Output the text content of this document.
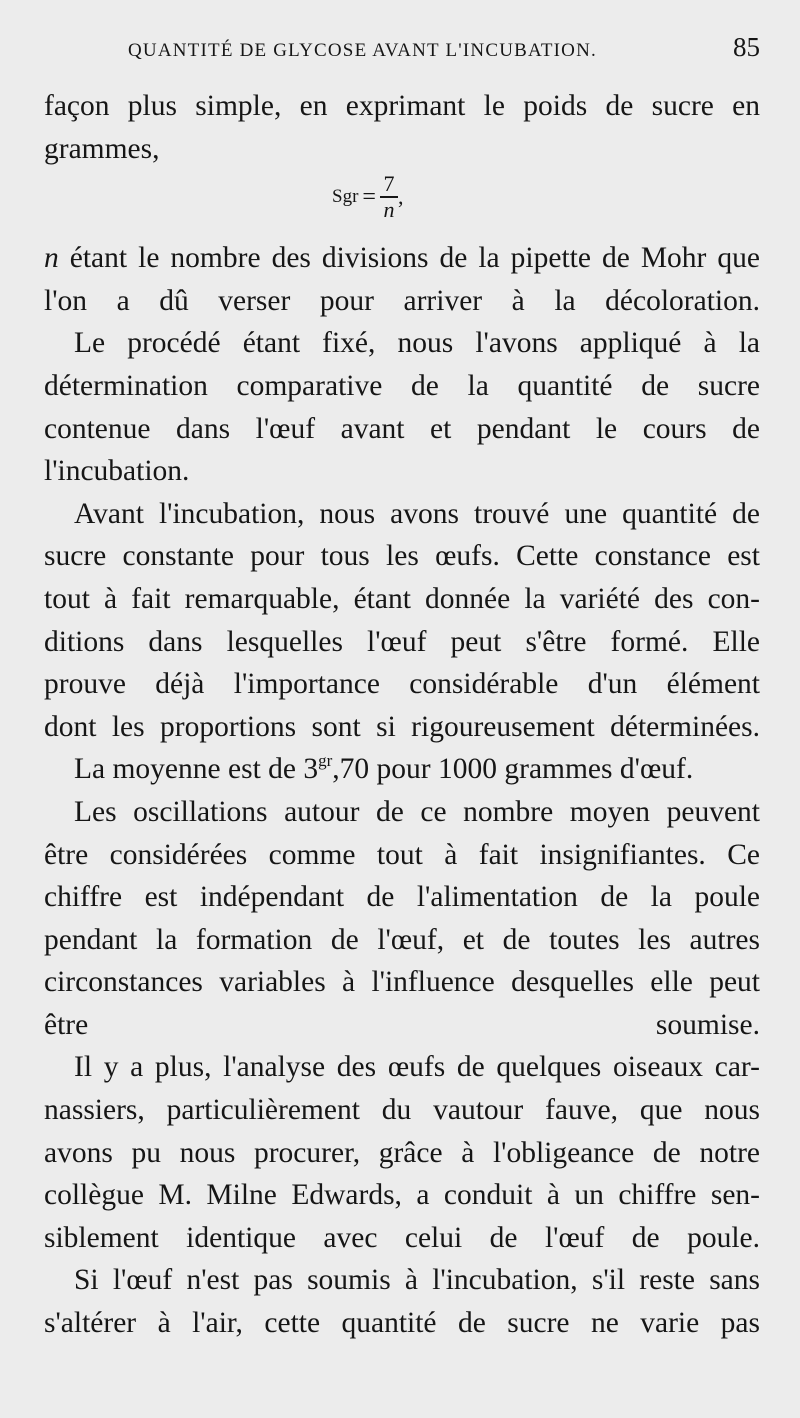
QUANTITÉ DE GLYCOSE AVANT L'INCUBATION.	85

façon plus simple, en exprimant le poids de sucre en
grammes,

Sgr = $\frac{7}{n}$ ,

n étant le nombre des divisions de la pipette de Mohr que
l'on a dû verser pour arriver à la décoloration.

Le procédé étant fixé, nous l'avons appliqué à la
détermination comparative de la quantité de sucre
contenue dans l'œuf avant et pendant le cours de
l'incubation.

Avant l'incubation, nous avons trouvé une quantité de
sucre constante pour tous les œufs. Cette constance est
tout à fait remarquable, étant donnée la variété des con-
ditions dans lesquelles l'œuf peut s'être formé. Elle
prouve déjà l'importance considérable d'un élément
dont les proportions sont si rigoureusement déterminées.

La moyenne est de $3^{gr},70$ pour 1000 grammes d'œuf.

Les oscillations autour de ce nombre moyen peuvent
être considérées comme tout à fait insignifiantes. Ce
chiffre est indépendant de l'alimentation de la poule
pendant la formation de l'œuf, et de toutes les autres
circonstances variables à l'influence desquelles elle peut
être soumise.

Il y a plus, l'analyse des œufs de quelques oiseaux car-
nassiers, particulièrement du vautour fauve, que nous
avons pu nous procurer, grâce à l'obligeance de notre
collègue M. Milne Edwards, a conduit à un chiffre sen-
siblement identique avec celui de l'œuf de poule.

Si l'œuf n'est pas soumis à l'incubation, s'il reste sans
s'altérer à l'air, cette quantité de sucre ne varie pas
